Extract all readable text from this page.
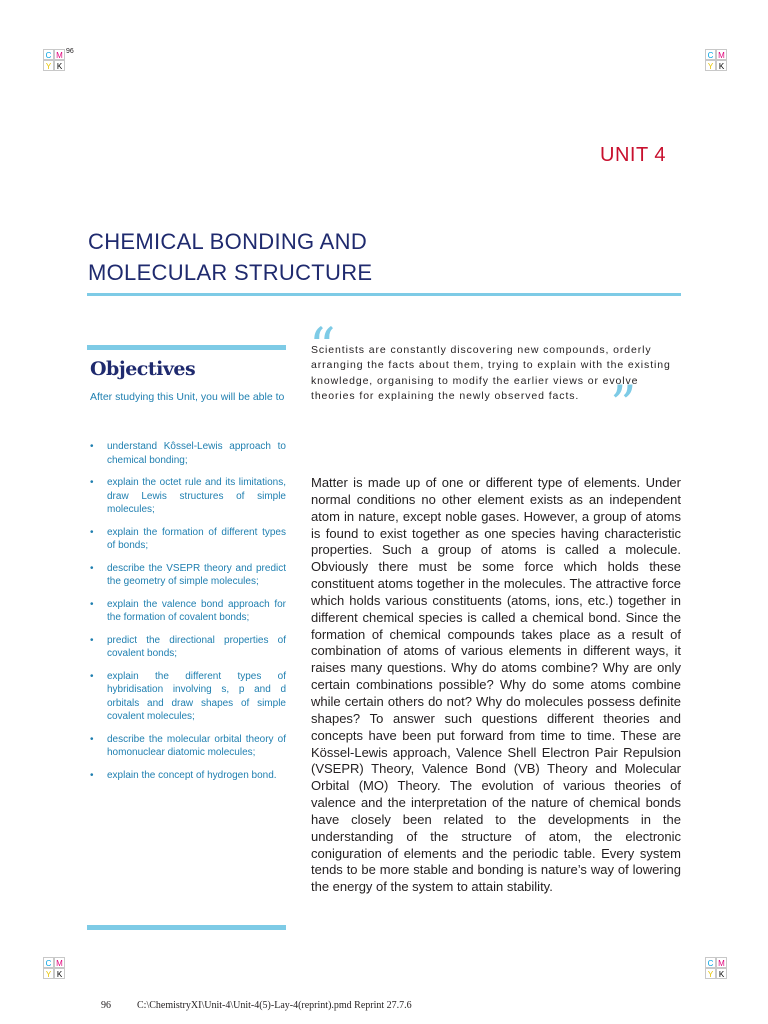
C M
Y K
96	C M
Y K
C M
Y K
C M
Y K
UNIT 4
CHEMICAL BONDING AND
MOLECULAR STRUCTURE
Objectives
After studying this Unit, you will be able to
• understand Kôssel-Lewis approach to chemical bonding;
• explain the octet rule and its limitations, draw Lewis structures of simple molecules;
• explain the formation of different types of bonds;
• describe the VSEPR theory and predict the geometry of simple molecules;
• explain the valence bond approach for the formation of covalent bonds;
• predict the directional properties of covalent bonds;
• explain the different types of hybridisation involving s, p and d orbitals and draw shapes of simple covalent molecules;
• describe the molecular orbital theory of homonuclear diatomic molecules;
• explain the concept of hydrogen bond.
“
Scientists are constantly discovering new compounds, orderly arranging the facts about them, trying to explain with the existing knowledge, organising to modify the earlier views or evolve theories for explaining the newly observed facts. ”
Matter is made up of one or different type of elements. Under normal conditions no other element exists as an independent atom in nature, except noble gases. However, a group of atoms is found to exist together as one species having characteristic properties. Such a group of atoms is called a molecule. Obviously there must be some force which holds these constituent atoms together in the molecules. The attractive force which holds various constituents (atoms, ions, etc.) together in different chemical species is called a chemical bond. Since the formation of chemical compounds takes place as a result of combination of atoms of various elements in different ways, it raises many questions. Why do atoms combine? Why are only certain combinations possible? Why do some atoms combine while certain others do not? Why do molecules possess definite shapes? To answer such questions different theories and concepts have been put forward from time to time. These are Kössel-Lewis approach, Valence Shell Electron Pair Repulsion (VSEPR) Theory, Valence Bond (VB) Theory and Molecular Orbital (MO) Theory. The evolution of various theories of valence and the interpretation of the nature of chemical bonds have closely been related to the developments in the understanding of the structure of atom, the electronic coniguration of elements and the periodic table. Every system tends to be more stable and bonding is nature’s way of lowering the energy of the system to attain stability.
96	C:\ChemistryXI\Unit-4\Unit-4(5)-Lay-4(reprint).pmd Reprint 27.7.6
